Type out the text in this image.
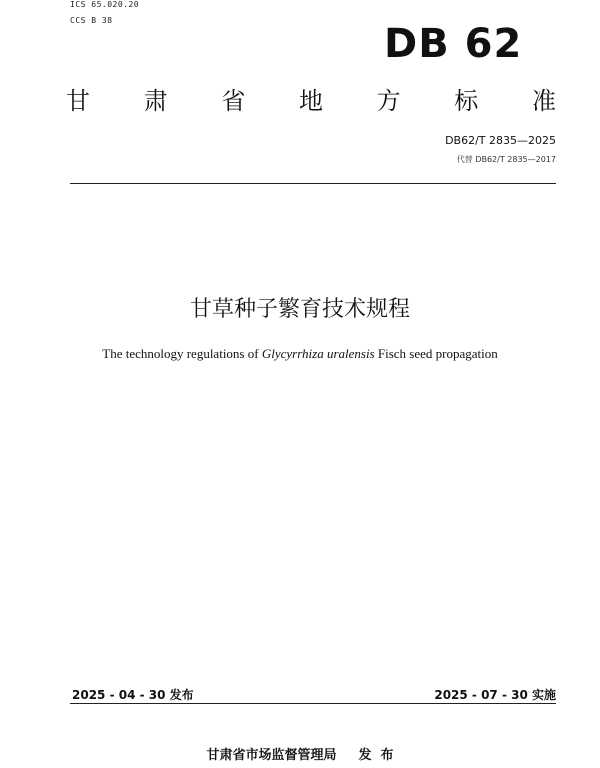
ICS 65.020.20
CCS B 38
DB 62
甘 肃 省 地 方 标 准
DB62/T 2835—2025
代替 DB62/T 2835—2017
甘草种子繁育技术规程
The technology regulations of Glycyrrhiza uralensis Fisch seed propagation
2025 - 04 - 30 发布	2025 - 07 - 30 实施
甘肃省市场监督管理局 发  布
